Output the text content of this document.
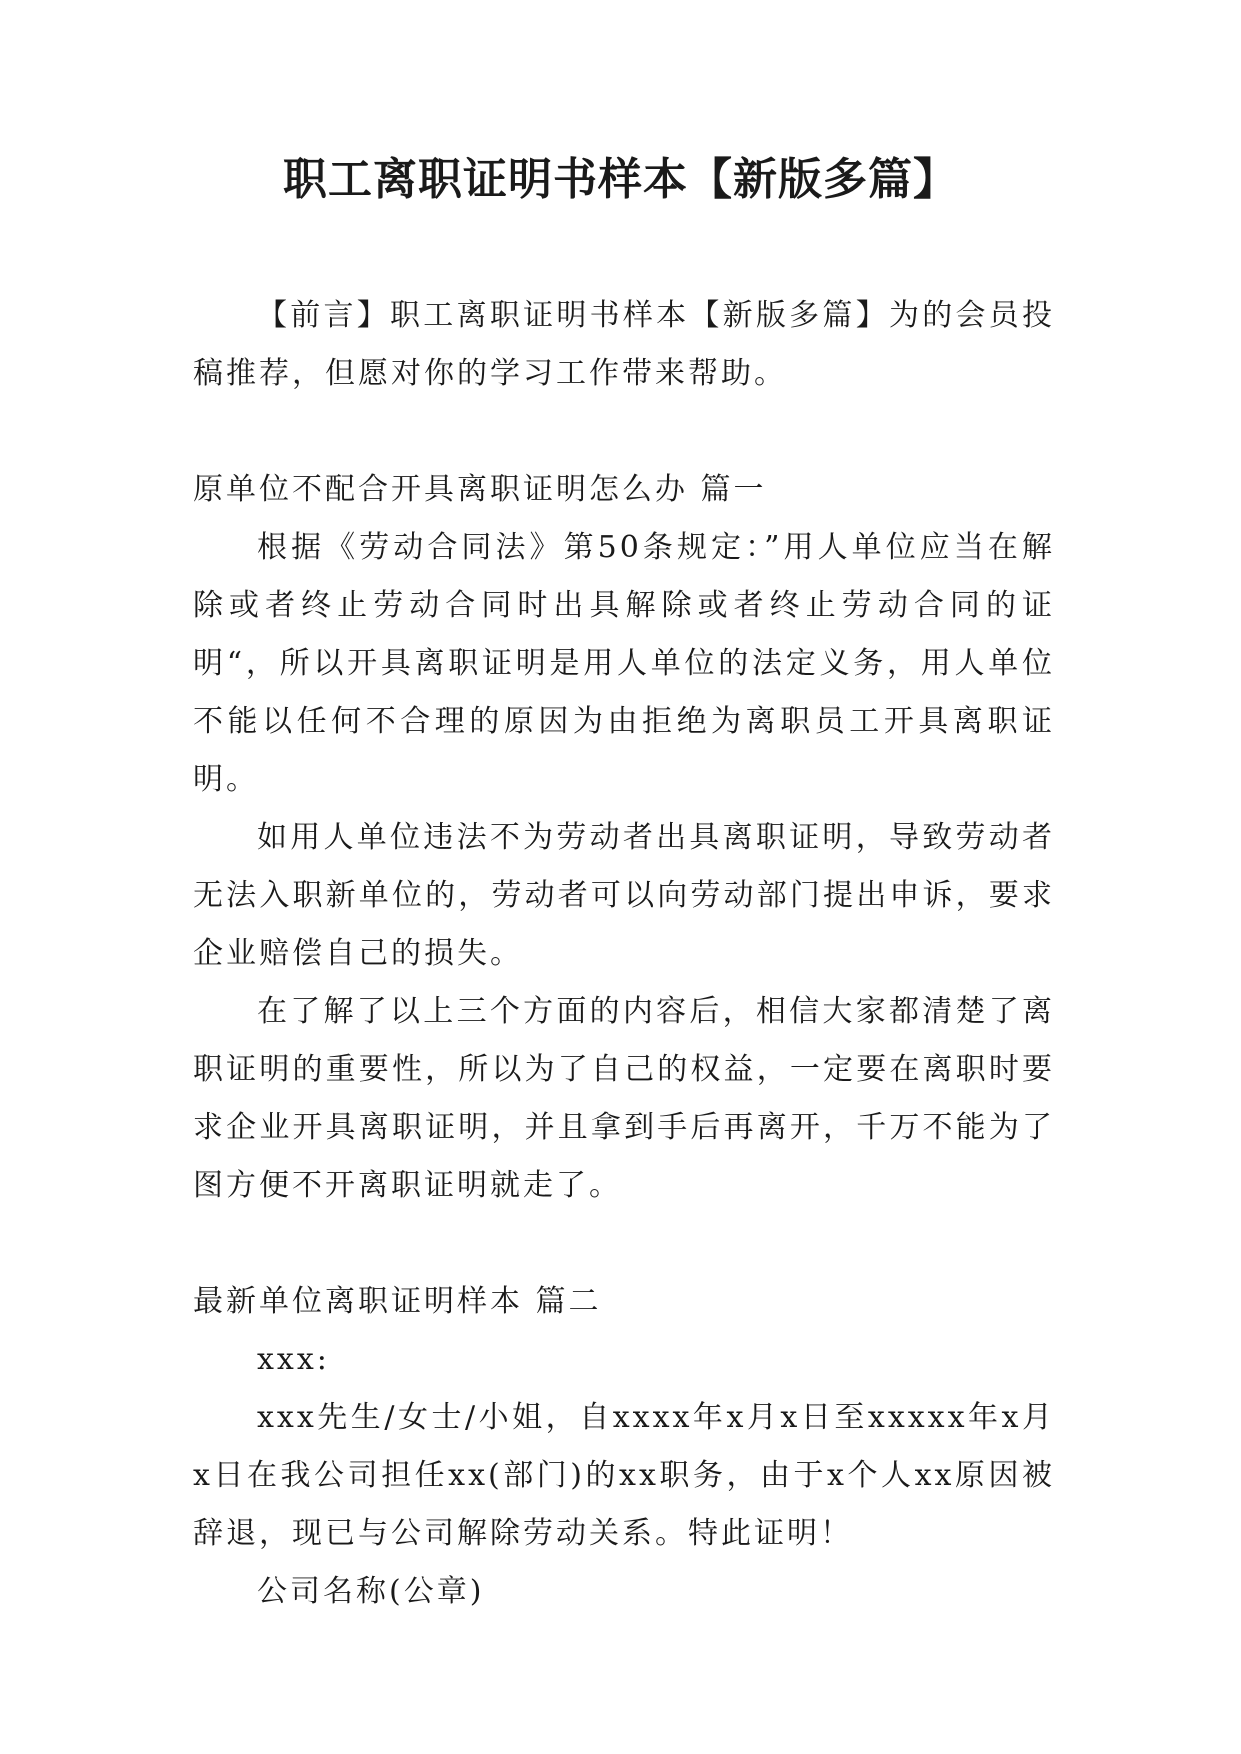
职工离职证明书样本【新版多篇】

【前言】职工离职证明书样本【新版多篇】为的会员投稿推荐，但愿对你的学习工作带来帮助。

原单位不配合开具离职证明怎么办 篇一

根据《劳动合同法》第50条规定：”用人单位应当在解除或者终止劳动合同时出具解除或者终止劳动合同的证明“，所以开具离职证明是用人单位的法定义务，用人单位不能以任何不合理的原因为由拒绝为离职员工开具离职证明。

如用人单位违法不为劳动者出具离职证明，导致劳动者无法入职新单位的，劳动者可以向劳动部门提出申诉，要求企业赔偿自己的损失。

在了解了以上三个方面的内容后，相信大家都清楚了离职证明的重要性，所以为了自己的权益，一定要在离职时要求企业开具离职证明，并且拿到手后再离开，千万不能为了图方便不开离职证明就走了。

最新单位离职证明样本 篇二

xxx:

xxx先生/女士/小姐，自xxxx年x月x日至xxxxx年x月x日在我公司担任xx(部门)的xx职务，由于x个人xx原因被辞退，现已与公司解除劳动关系。特此证明！

公司名称(公章)
